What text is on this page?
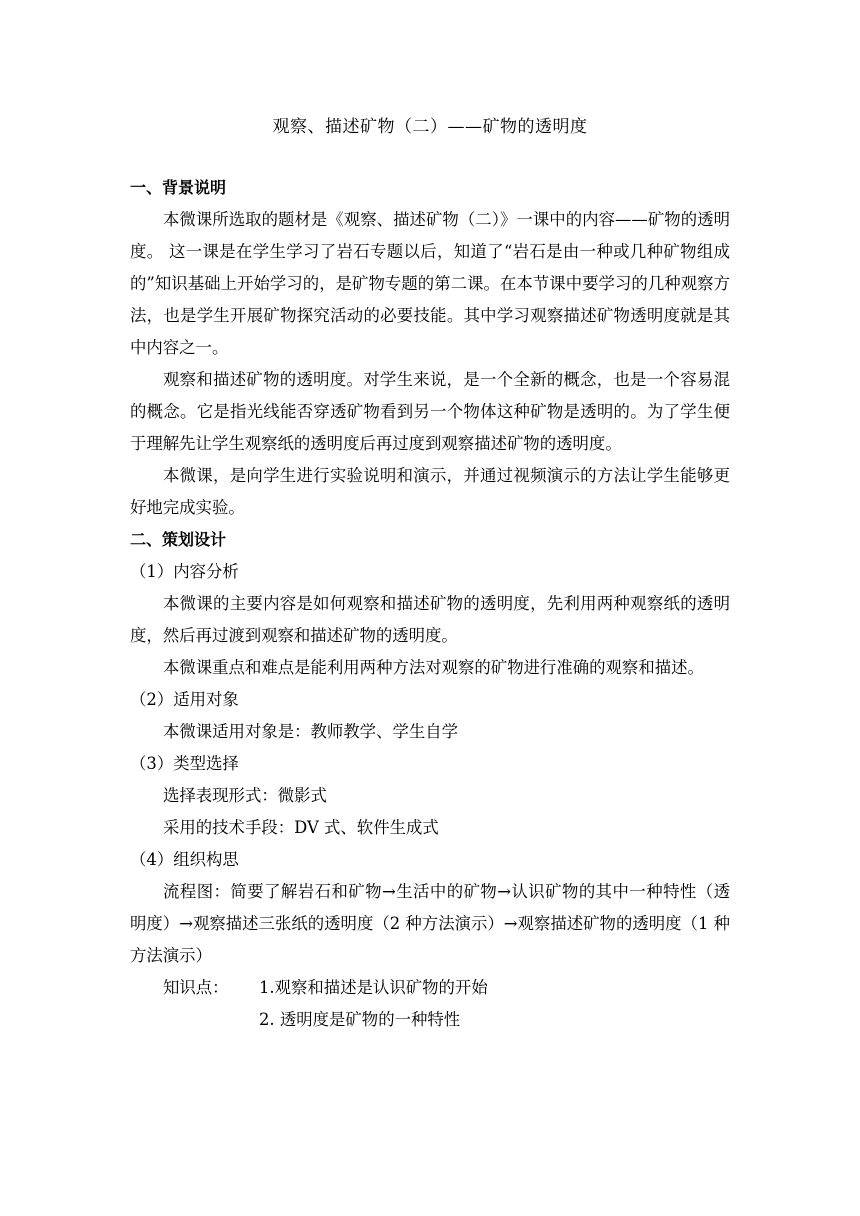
观察、描述矿物（二）——矿物的透明度

一、背景说明

本微课所选取的题材是《观察、描述矿物（二）》一课中的内容——矿物的透明度。 这一课是在学生学习了岩石专题以后，知道了“岩石是由一种或几种矿物组成的”知识基础上开始学习的，是矿物专题的第二课。在本节课中要学习的几种观察方法，也是学生开展矿物探究活动的必要技能。其中学习观察描述矿物透明度就是其中内容之一。

观察和描述矿物的透明度。对学生来说，是一个全新的概念，也是一个容易混的概念。它是指光线能否穿透矿物看到另一个物体这种矿物是透明的。为了学生便于理解先让学生观察纸的透明度后再过度到观察描述矿物的透明度。

本微课，是向学生进行实验说明和演示，并通过视频演示的方法让学生能够更好地完成实验。

二、策划设计

（1）内容分析

本微课的主要内容是如何观察和描述矿物的透明度，先利用两种观察纸的透明度，然后再过渡到观察和描述矿物的透明度。

本微课重点和难点是能利用两种方法对观察的矿物进行准确的观察和描述。

（2）适用对象

本微课适用对象是：教师教学、学生自学

（3）类型选择

选择表现形式：微影式

采用的技术手段：DV 式、软件生成式

（4）组织构思

流程图：简要了解岩石和矿物→生活中的矿物→认识矿物的其中一种特性（透明度）→观察描述三张纸的透明度（2 种方法演示）→观察描述矿物的透明度（1 种方法演示）

知识点：	1.观察和描述是认识矿物的开始

2. 透明度是矿物的一种特性
